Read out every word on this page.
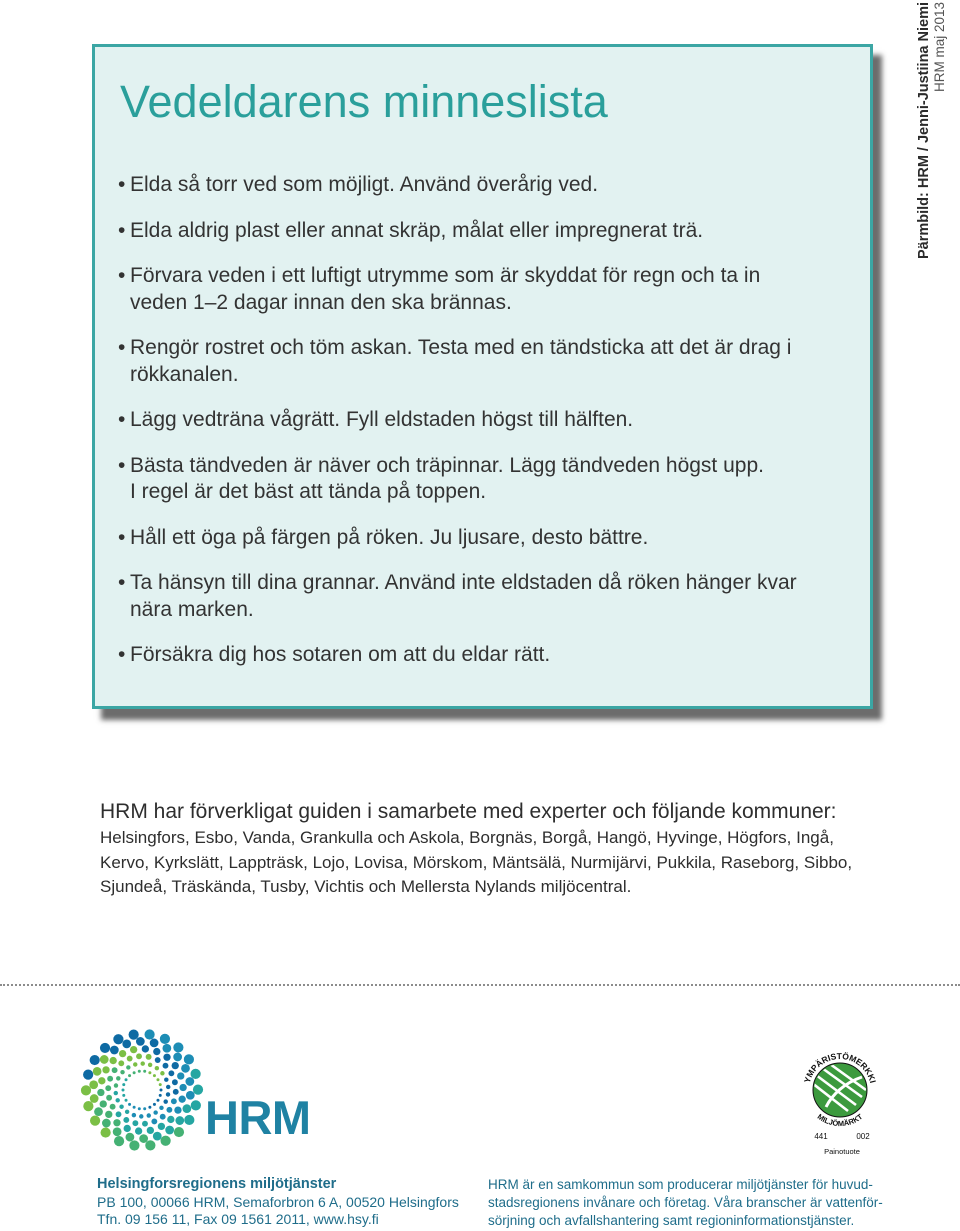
Pärmbild: HRM / Jenni-Justiina Niemi HRM maj 2013
Vedeldarens minneslista
• Elda så torr ved som möjligt. Använd överårig ved.
• Elda aldrig plast eller annat skräp, målat eller impregnerat trä.
• Förvara veden i ett luftigt utrymme som är skyddat för regn och ta in
veden 1–2 dagar innan den ska brännas.
• Rengör rostret och töm askan. Testa med en tändsticka att det är drag i
rökkanalen.
• Lägg vedträna vågrätt. Fyll eldstaden högst till hälften.
• Bästa tändveden är näver och träpinnar. Lägg tändveden högst upp.
I regel är det bäst att tända på toppen.
• Håll ett öga på färgen på röken. Ju ljusare, desto bättre.
• Ta hänsyn till dina grannar. Använd inte eldstaden då röken hänger kvar
nära marken.
• Försäkra dig hos sotaren om att du eldar rätt.

HRM har förverkligat guiden i samarbete med experter och följande kommuner:

Helsingfors, Esbo, Vanda, Grankulla och Askola, Borgnäs, Borgå, Hangö, Hyvinge, Högfors, Ingå,
Kervo, Kyrkslätt, Lappträsk, Lojo, Lovisa, Mörskom, Mäntsälä, Nurmijärvi, Pukkila, Raseborg, Sibbo,
Sjundeå, Träskända, Tusby, Vichtis och Mellersta Nylands miljöcentral.
HRM
YMPÄRISTÖMERKKI
MILJÖMÄRKT
441	002
Painotuote
Helsingforsregionens miljötjänster
PB 100, 00066 HRM, Semaforbron 6 A, 00520 Helsingfors
Tfn. 09 156 11, Fax 09 1561 2011, www.hsy.fi
HRM är en samkommun som producerar miljötjänster för huvud-
stadsregionens invånare och företag. Våra branscher är vattenför-
sörjning och avfallshantering samt regioninformationstjänster.
